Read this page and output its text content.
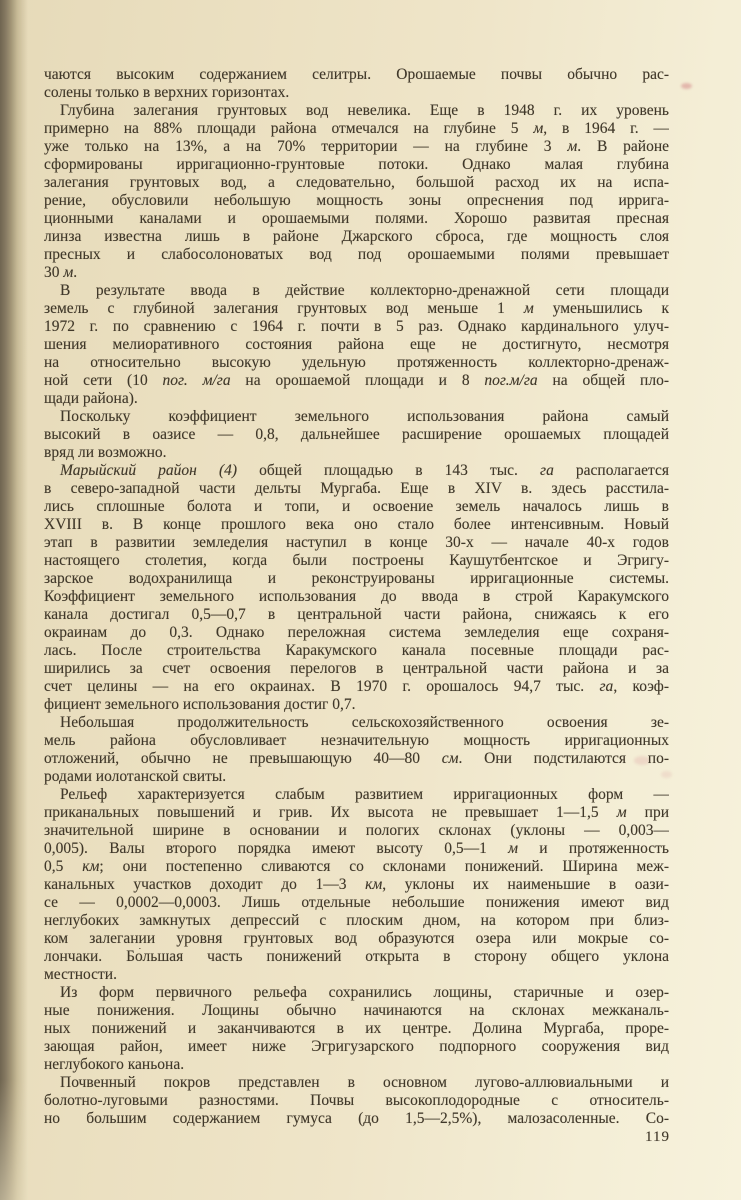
чаются высоким содержанием селитры. Орошаемые почвы обычно рас-
солены только в верхних горизонтах.

Глубина залегания грунтовых вод невелика. Еще в 1948 г. их уровень
примерно на 88% площади района отмечался на глубине 5 м, в 1964 г. —
уже только на 13%, а на 70% территории — на глубине 3 м. В районе
сформированы ирригационно-грунтовые потоки. Однако малая глубина
залегания грунтовых вод, а следовательно, большой расход их на испа-
рение, обусловили небольшую мощность зоны опреснения под иррига-
ционными каналами и орошаемыми полями. Хорошо развитая пресная
линза известна лишь в районе Джарского сброса, где мощность слоя
пресных и слабосолоноватых вод под орошаемыми полями превышает
30 м.

В результате ввода в действие коллекторно-дренажной сети площади
земель с глубиной залегания грунтовых вод меньше 1 м уменьшились к
1972 г. по сравнению с 1964 г. почти в 5 раз. Однако кардинального улуч-
шения мелиоративного состояния района еще не достигнуто, несмотря
на относительно высокую удельную протяженность коллекторно-дренаж-
ной сети (10 пог. м/га на орошаемой площади и 8 пог.м/га на общей пло-
щади района).

Поскольку коэффициент земельного использования района самый
высокий в оазисе — 0,8, дальнейшее расширение орошаемых площадей
вряд ли возможно.

Марыйский район (4) общей площадью в 143 тыс. га располагается
в северо-западной части дельты Мургаба. Еще в XIV в. здесь расстила-
лись сплошные болота и топи, и освоение земель началось лишь в
XVIII в. В конце прошлого века оно стало более интенсивным. Новый
этап в развитии земледелия наступил в конце 30-х — начале 40-х годов
настоящего столетия, когда были построены Каушутбентское и Эгригу-
зарское водохранилища и реконструированы ирригационные системы.
Коэффициент земельного использования до ввода в строй Каракумского
канала достигал 0,5—0,7 в центральной части района, снижаясь к его
окраинам до 0,3. Однако переложная система земледелия еще сохраня-
лась. После строительства Каракумского канала посевные площади рас-
ширились за счет освоения перелогов в центральной части района и за
счет целины — на его окраинах. В 1970 г. орошалось 94,7 тыс. га, коэф-
фициент земельного использования достиг 0,7.

Небольшая продолжительность сельскохозяйственного освоения зе-
мель района обусловливает незначительную мощность ирригационных
отложений, обычно не превышающую 40—80 см. Они подстилаются по-
родами иолотанской свиты.

Рельеф характеризуется слабым развитием ирригационных форм —
приканальных повышений и грив. Их высота не превышает 1—1,5 м при
значительной ширине в основании и пологих склонах (уклоны — 0,003—
0,005). Валы второго порядка имеют высоту 0,5—1 м и протяженность
0,5 км; они постепенно сливаются со склонами понижений. Ширина меж-
канальных участков доходит до 1—3 км, уклоны их наименьшие в оази-
се — 0,0002—0,0003. Лишь отдельные небольшие понижения имеют вид
неглубоких замкнутых депрессий с плоским дном, на котором при близ-
ком залегании уровня грунтовых вод образуются озера или мокрые со-
лончаки. Бо́льшая часть понижений открыта в сторону общего уклона
местности.

Из форм первичного рельефа сохранились лощины, старичные и озер-
ные понижения. Лощины обычно начинаются на склонах межканаль-
ных понижений и заканчиваются в их центре. Долина Мургаба, проре-
зающая район, имеет ниже Эгригузарского подпорного сооружения вид
неглубокого каньона.

Почвенный покров представлен в основном лугово-аллювиальными и
болотно-луговыми разностями. Почвы высокоплодородные с относитель-
но большим содержанием гумуса (до 1,5—2,5%), малозасоленные. Со-

119
